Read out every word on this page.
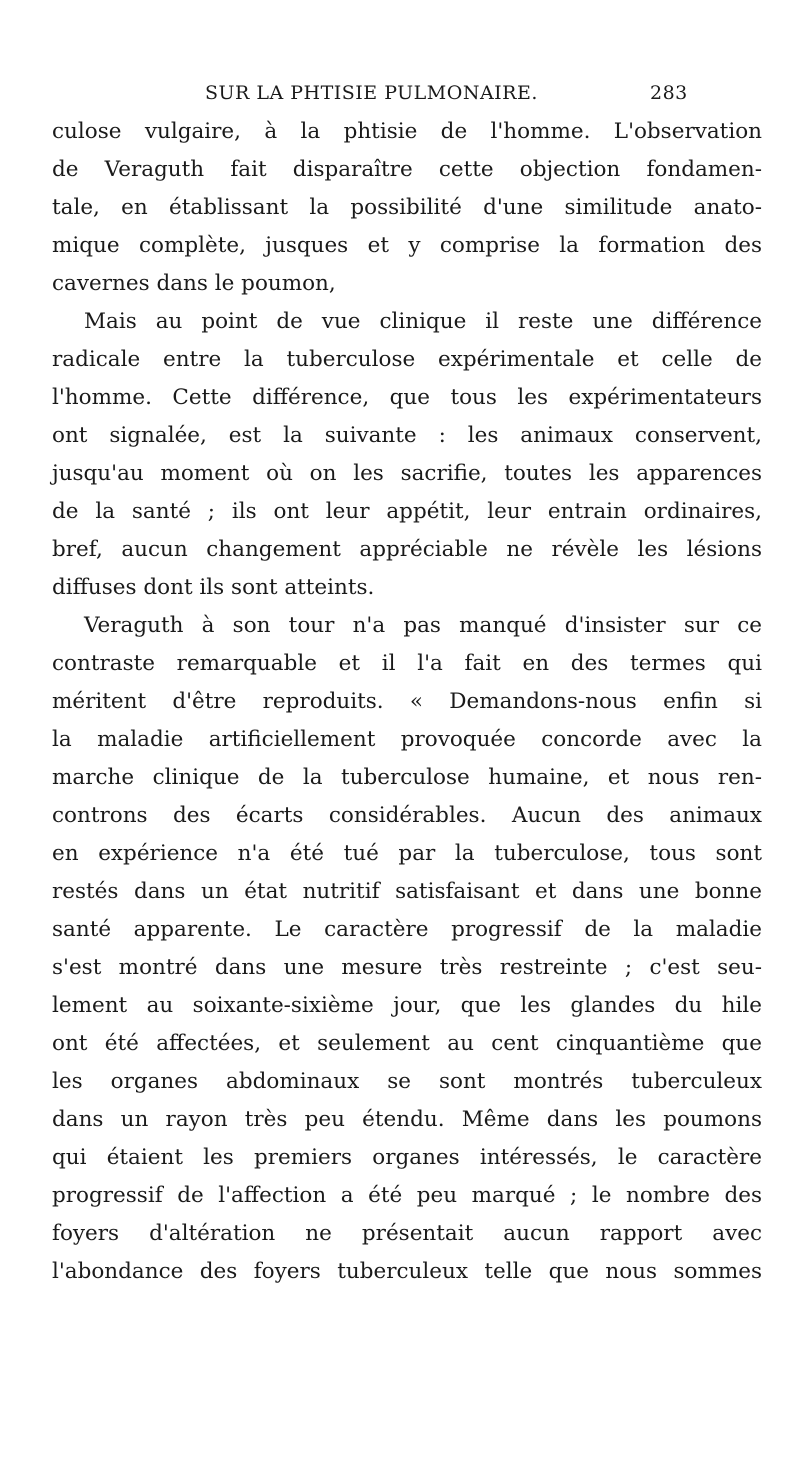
SUR LA PHTISIE PULMONAIRE.	283
culose vulgaire, à la phtisie de l'homme. L'observation
de Veraguth fait disparaître cette objection fondamen-
tale, en établissant la possibilité d'une similitude anato-
mique complète, jusques et y comprise la formation des
cavernes dans le poumon,
Mais au point de vue clinique il reste une différence
radicale entre la tuberculose expérimentale et celle de
l'homme. Cette différence, que tous les expérimentateurs
ont signalée, est la suivante : les animaux conservent,
jusqu'au moment où on les sacrifie, toutes les apparences
de la santé ; ils ont leur appétit, leur entrain ordinaires,
bref, aucun changement appréciable ne révèle les lésions
diffuses dont ils sont atteints.
Veraguth à son tour n'a pas manqué d'insister sur ce
contraste remarquable et il l'a fait en des termes qui
méritent d'être reproduits. « Demandons-nous enfin si
la maladie artificiellement provoquée concorde avec la
marche clinique de la tuberculose humaine, et nous ren-
controns des écarts considérables. Aucun des animaux
en expérience n'a été tué par la tuberculose, tous sont
restés dans un état nutritif satisfaisant et dans une bonne
santé apparente. Le caractère progressif de la maladie
s'est montré dans une mesure très restreinte ; c'est seu-
lement au soixante-sixième jour, que les glandes du hile
ont été affectées, et seulement au cent cinquantième que
les organes abdominaux se sont montrés tuberculeux
dans un rayon très peu étendu. Même dans les poumons
qui étaient les premiers organes intéressés, le caractère
progressif de l'affection a été peu marqué ; le nombre des
foyers d'altération ne présentait aucun rapport avec
l'abondance des foyers tuberculeux telle que nous sommes
